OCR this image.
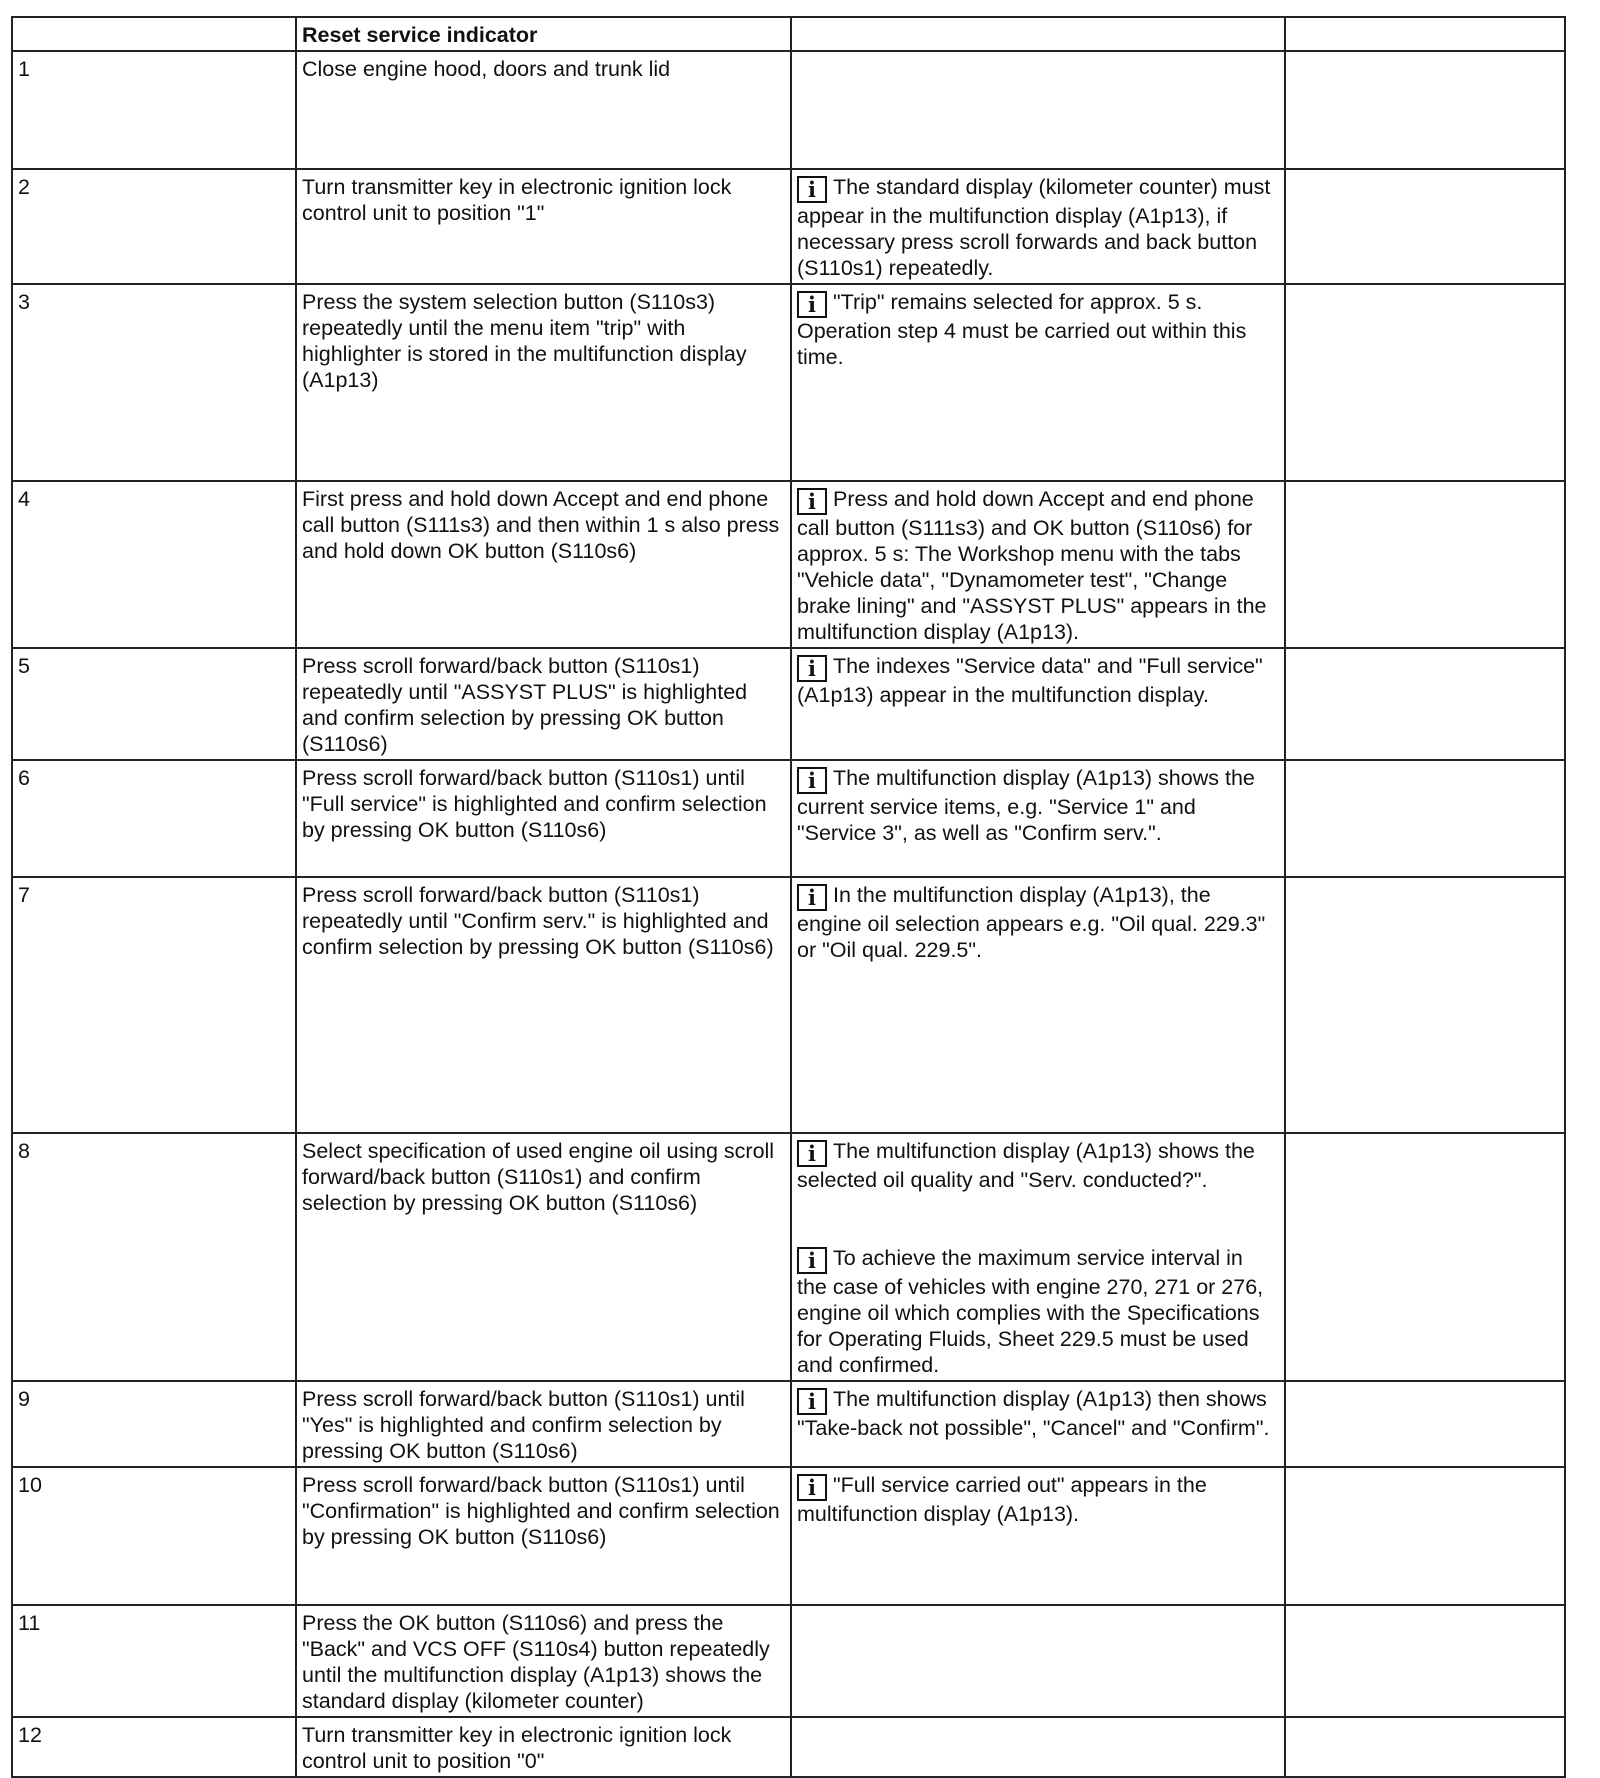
	Reset service indicator		
1	Close engine hood, doors and trunk lid		
2	Turn transmitter key in electronic ignition lock control unit to position "1"	i The standard display (kilometer counter) must appear in the multifunction display (A1p13), if necessary press scroll forwards and back button (S110s1) repeatedly.	

3	Press the system selection button (S110s3) repeatedly until the menu item "trip" with highlighter is stored in the multifunction display (A1p13)	i "Trip" remains selected for approx. 5 s. Operation step 4 must be carried out within this time.	

4	First press and hold down Accept and end phone call button (S111s3) and then within 1 s also press and hold down OK button (S110s6)	i Press and hold down Accept and end phone call button (S111s3) and OK button (S110s6) for approx. 5 s: The Workshop menu with the tabs "Vehicle data", "Dynamometer test", "Change brake lining" and "ASSYST PLUS" appears in the multifunction display (A1p13).	

5	Press scroll forward/back button (S110s1) repeatedly until "ASSYST PLUS" is highlighted and confirm selection by pressing OK button (S110s6)	i The indexes "Service data" and "Full service" (A1p13) appear in the multifunction display.	

6	Press scroll forward/back button (S110s1) until "Full service" is highlighted and confirm selection by pressing OK button (S110s6)	i The multifunction display (A1p13) shows the current service items, e.g. "Service 1" and "Service 3", as well as "Confirm serv.".	

7	Press scroll forward/back button (S110s1) repeatedly until "Confirm serv." is highlighted and confirm selection by pressing OK button (S110s6)	i In the multifunction display (A1p13), the engine oil selection appears e.g. "Oil qual. 229.3" or "Oil qual. 229.5".	

8	Select specification of used engine oil using scroll forward/back button (S110s1) and confirm selection by pressing OK button (S110s6)	i The multifunction display (A1p13) shows the selected oil quality and "Serv. conducted?".
i To achieve the maximum service interval in the case of vehicles with engine 270, 271 or 276, engine oil which complies with the Specifications for Operating Fluids, Sheet 229.5 must be used and confirmed.	

9	Press scroll forward/back button (S110s1) until "Yes" is highlighted and confirm selection by pressing OK button (S110s6)	i The multifunction display (A1p13) then shows "Take-back not possible", "Cancel" and "Confirm".	

10	Press scroll forward/back button (S110s1) until "Confirmation" is highlighted and confirm selection by pressing OK button (S110s6)	i "Full service carried out" appears in the multifunction display (A1p13).	

11	Press the OK button (S110s6) and press the "Back" and VCS OFF (S110s4) button repeatedly until the multifunction display (A1p13) shows the standard display (kilometer counter)		
12	Turn transmitter key in electronic ignition lock control unit to position "0"		
